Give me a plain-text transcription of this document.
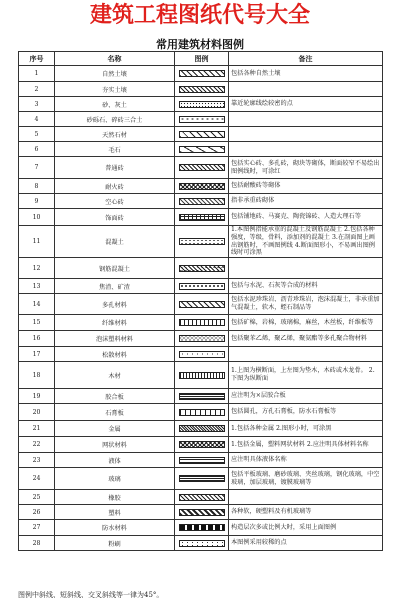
建筑工程图纸代号大全
常用建筑材料图例
序号	名称	图例	备注
1	自然土壤		包括各种自然土壤
2	夯实土壤	

3	砂、灰土		靠近轮廓线绘较密的点
4	砂砾石、碎砖三合土	

5	天然石材	

6	毛石	

7	普通砖		包括实心砖、多孔砖，砌块等砌体，断面较窄不易绘出图例线时，可涂红
8	耐火砖		包括耐酸砖等砌体
9	空心砖		指非承重砖砌体
10	饰面砖		包括铺地砖、马赛克、陶瓷锦砖、人造大理石等
11	混凝土		1.本图例指能承重的混凝土及钢筋混凝土 2.包括各种强度，等级，骨料，添加剂的混凝土 3.在剖面图上画出钢筋时，不画图例线 4.断面图形小，不易画出图例线时可涂黑
12	钢筋混凝土	

13	焦渣、矿渣		包括与水泥、石灰等合成的材料
14	多孔材料		包括水泥珍珠岩、沥青珍珠岩，泡沫混凝土，非承重加气混凝土，软木，蛭石制品等
15	纤维材料		包括矿棉，岩棉，玻璃棉，麻丝，木丝板，纤维板等
16	泡沫塑料材料		包括聚苯乙烯，聚乙烯，聚氨酯等多孔聚合物材料
17	松散材料	

18	木材		1.上图为横断面，上左图为垫木，木砖或木龙骨。 2.下图为纵断面
19	胶合板		应注明为×层胶合板
20	石膏板		包括圆孔，方孔石膏板，防水石膏板等
21	金属		1.包括各种金属 2.图形小时，可涂黑
22	网状材料		1.包括金属，塑料网状材料 2.应注明具体材料名称
23	液体		应注明具体液体名称
24	玻璃		包括平板玻璃、磨砂玻璃、夹丝玻璃，钢化玻璃，中空玻璃，加层玻璃，镀膜玻璃等
25	橡胶	

26	塑料		各种软，硬塑料及有机玻璃等
27	防水材料		构造层次多或比例大时，采用上面图例
28	粉刷		本图例采用较稀的点
图例中斜线、短斜线、交叉斜线等一律为45°。
